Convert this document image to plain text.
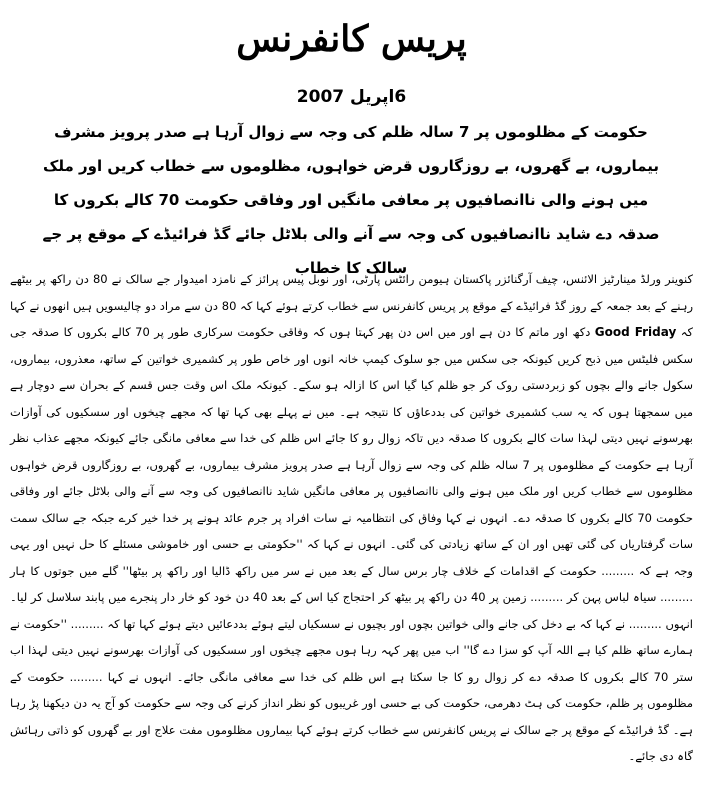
پریس کانفرنس
6اپریل 2007
حکومت کے مظلوموں پر 7 سالہ ظلم کی وجہ سے زوال آرہا ہے صدر پرویز مشرف بیماروں، بے گھروں، بے روزگاروں قرض خواہوں، مظلوموں سے خطاب کریں اور ملک میں ہونے والی ناانصافیوں پر معافی مانگیں اور وفاقی حکومت 70 کالے بکروں کا صدقہ دے شاید ناانصافیوں کی وجہ سے آنے والی بلاٹل جائے گڈ فرائیڈے کے موقع پر جے سالک کا خطاب
کنوینر ورلڈ مینارٹیز الائنس، چیف آرگنائزر پاکستان ہیومن رائٹس پارٹی، اور نوبل پیس پرائز کے نامزد امیدوار جے سالک نے 80 دن راکھ پر بیٹھے رہنے کے بعد جمعہ کے روز گڈ فرائیڈے کے موقع پر پریس کانفرنس سے خطاب کرتے ہوئے کہا کہ 80 دن سے مراد دو چالیسویں ہیں انھوں نے کہا کہ Good Friday دکھ اور ماتم کا دن ہے اور میں اس دن پھر کہتا ہوں کہ وفاقی حکومت سرکاری طور پر 70 کالے بکروں کا صدقہ جی سکس فلیٹس میں ذبح کریں کیونکہ جی سکس میں جو سلوک کیمپ خانہ انوں اور خاص طور پر کشمیری خواتین کے ساتھ، معذروں، بیماروں، سکول جانے والے بچوں کو زبردستی روک کر جو ظلم کیا گیا اس کا ازالہ ہو سکے۔ کیونکہ ملک اس وقت جس قسم کے بحران سے دوچار ہے میں سمجھتا ہوں کہ یہ سب کشمیری خواتین کی بددعاؤں کا نتیجہ ہے۔ میں نے پہلے بھی کہا تھا کہ مجھے چیخوں اور سسکیوں کی آوازات بھرسونے نہیں دیتی لہذا سات کالے بکروں کا صدقہ دیں تاکہ زوال رو کا جائے اس ظلم کی خدا سے معافی مانگی جائے کیونکہ مجھے عذاب نظر آرہا ہے حکومت کے مظلوموں پر 7 سالہ ظلم کی وجہ سے زوال آرہا ہے صدر پرویز مشرف بیماروں، بے گھروں، بے روزگاروں قرض خواہوں مظلوموں سے خطاب کریں اور ملک میں ہونے والی ناانصافیوں پر معافی مانگیں شاید ناانصافیوں کی وجہ سے آنے والی بلاٹل جائے اور وفاقی حکومت 70 کالے بکروں کا صدقہ دے۔ انہوں نے کہا وفاق کی انتظامیہ نے سات افراد پر جرم عائد ہونے پر خدا خیر کرے جبکہ جے سالک سمت سات گرفتاریاں کی گئی تھیں اور ان کے ساتھ زیادتی کی گئی۔ انہوں نے کہا کہ ''حکومتی بے حسی اور خاموشی مسئلے کا حل نہیں اور یہی وجہ ہے کہ ......... حکومت کے اقدامات کے خلاف چار برس سال کے بعد میں نے سر میں راکھ ڈالیا اور راکھ پر بیٹھا'' گلے میں جوتوں کا ہار ......... سیاہ لباس پہن کر ......... زمین پر 40 دن راکھ پر بیٹھ کر احتجاج کیا اس کے بعد 40 دن خود کو خار دار پنجرے میں پابند سلاسل کر لیا۔ انہوں ......... نے کہا کہ بے دخل کی جانے والی خواتین بچوں اور بچیوں نے سسکیاں لیتے ہوئے بددعائیں دیتے ہوئے کہا تھا کہ ......... ''حکومت نے ہمارے ساتھ ظلم کیا ہے اللہ آپ کو سزا دے گا'' اب میں پھر کہہ رہا ہوں مجھے چیخوں اور سسکیوں کی آوازات بھرسونے نہیں دیتی لہذا اب ستر 70 کالے بکروں کا صدقہ دے کر زوال رو کا جا سکتا ہے اس ظلم کی خدا سے معافی مانگی جائے۔ انہوں نے کہا ......... حکومت کے مظلوموں پر ظلم، حکومت کی ہٹ دھرمی، حکومت کی بے حسی اور غریبوں کو نظر انداز کرنے کی وجہ سے حکومت کو آج یہ دن دیکھنا پڑ رہا ہے۔ گڈ فرائیڈے کے موقع پر جے سالک نے پریس کانفرنس سے خطاب کرتے ہوئے کہا بیماروں مظلوموں مفت علاج اور بے گھروں کو ذاتی رہائش گاہ دی جائے۔
